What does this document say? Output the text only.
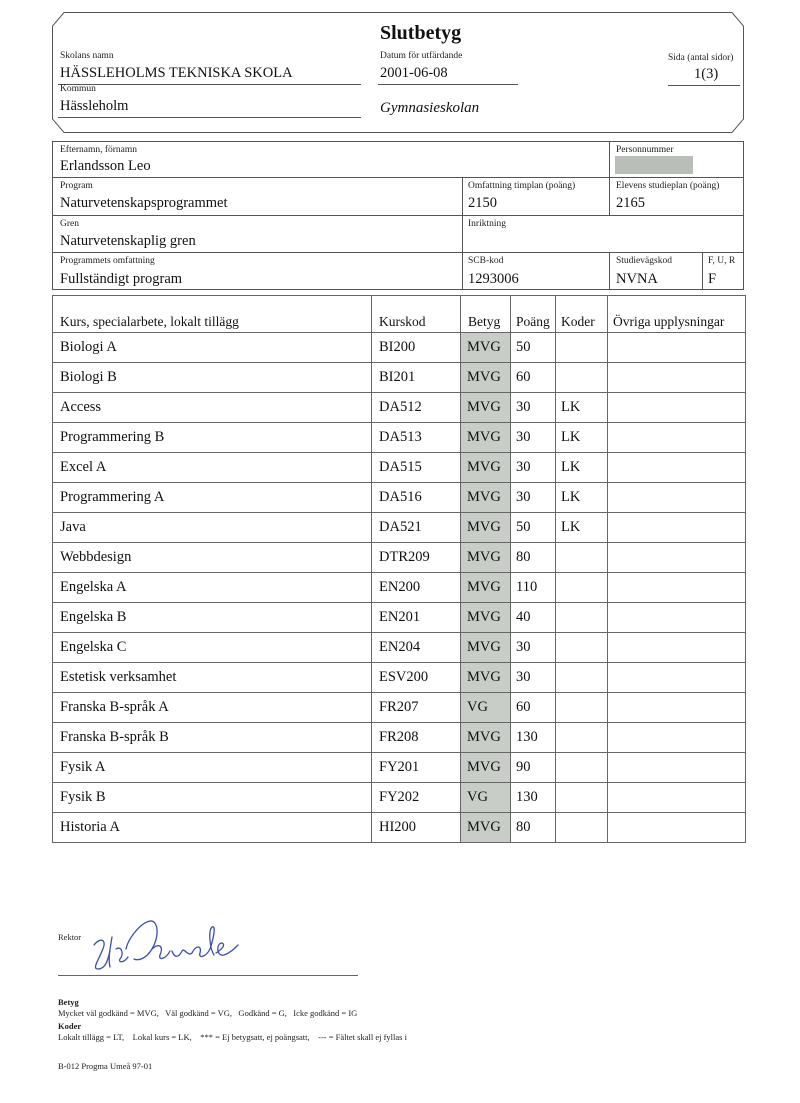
Slutbetyg
Skolans namn
HÄSSLEHOLMS TEKNISKA SKOLA
Kommun
Hässleholm
Datum för utfärdande
2001-06-08
Gymnasieskolan
Sida (antal sidor)
1(3)
Efternamn, förnamn
Erlandsson Leo
Personnummer
Program
Naturvetenskapsprogrammet
Omfattning timplan (poäng)
2150
Elevens studieplan (poäng)
2165
Gren
Naturvetenskaplig gren
Inriktning
Programmets omfattning
Fullständigt program
SCB-kod
1293006
Studievägskod
NVNA
F, U, R
F
Kurs, specialarbete, lokalt tillägg	Kurskod	Betyg	Poäng	Koder	Övriga upplysningar
Biologi A	BI200	MVG	50		
Biologi B	BI201	MVG	60		
Access	DA512	MVG	30	LK	
Programmering B	DA513	MVG	30	LK	
Excel A	DA515	MVG	30	LK	
Programmering A	DA516	MVG	30	LK	
Java	DA521	MVG	50	LK	
Webbdesign	DTR209	MVG	80		
Engelska A	EN200	MVG	110		
Engelska B	EN201	MVG	40		
Engelska C	EN204	MVG	30		
Estetisk verksamhet	ESV200	MVG	30		
Franska B-språk A	FR207	VG	60		
Franska B-språk B	FR208	MVG	130		
Fysik A	FY201	MVG	90		
Fysik B	FY202	VG	130		
Historia A	HI200	MVG	80		
Rektor
Betyg
Mycket väl godkänd = MVG,   Väl godkänd = VG,   Godkänd = G,   Icke godkänd = IG
Koder
Lokalt tillägg = LT,    Lokal kurs = LK,    *** = Ej betygsatt, ej poängsatt,    --- = Fältet skall ej fyllas i
B-012 Progma Umeå 97-01
